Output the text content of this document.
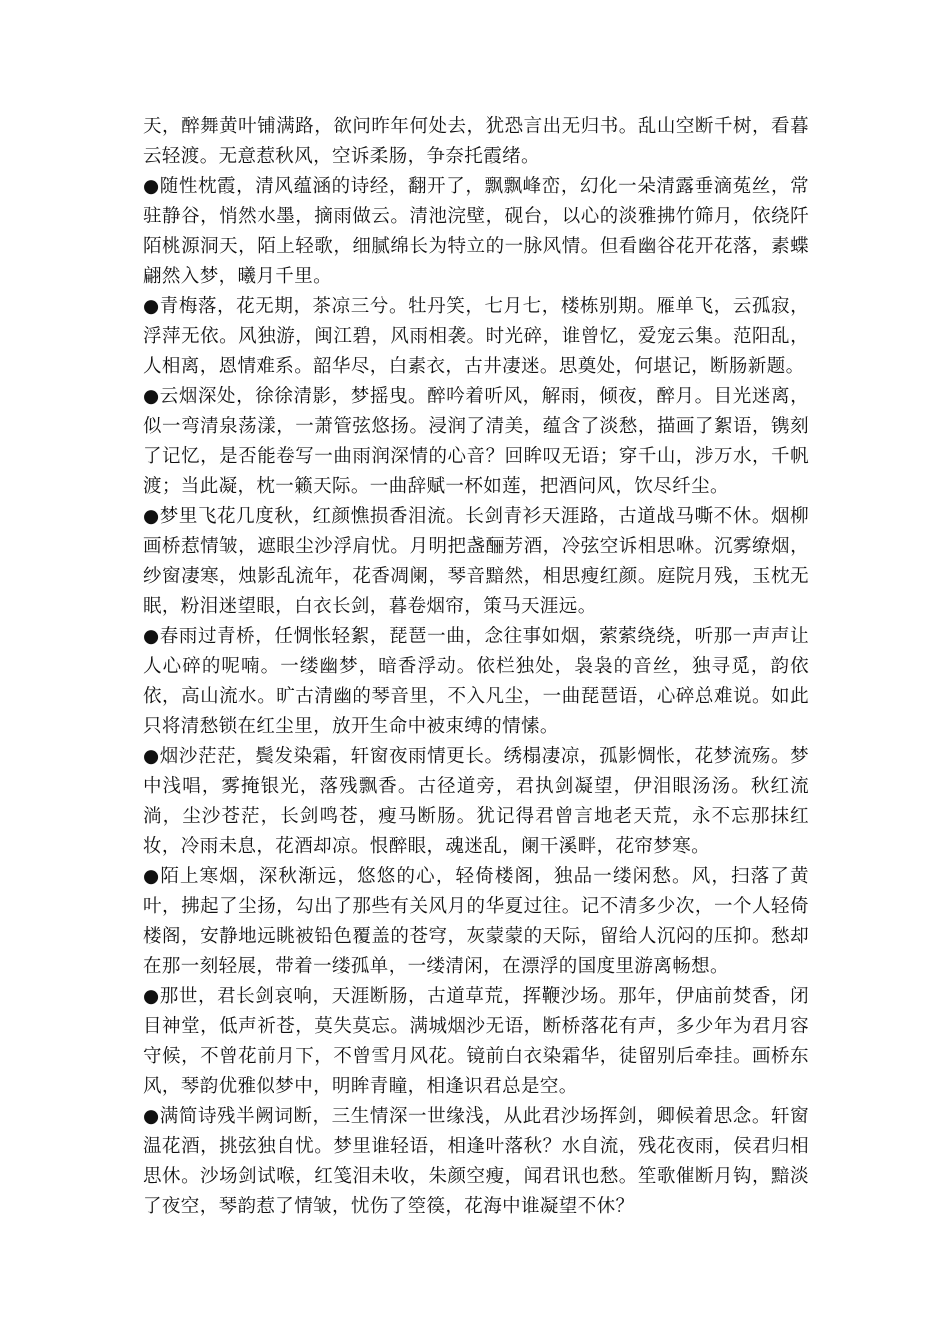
天，醉舞黄叶铺满路，欲问昨年何处去，犹恐言出无归书。乱山空断千树，看暮云轻渡。无意惹秋风，空诉柔肠，争奈托霞绪。

●随性枕霞，清风蕴涵的诗经，翻开了，飘飘峰峦，幻化一朵清露垂滴菟丝，常驻静谷，悄然水墨，摘雨做云。清池浣壁，砚台，以心的淡雅拂竹筛月，依绕阡陌桃源洞天，陌上轻歌，细腻绵长为特立的一脉风情。但看幽谷花开花落，素蝶翩然入梦，曦月千里。

●青梅落，花无期，茶凉三兮。牡丹笑，七月七，楼栋别期。雁单飞，云孤寂，浮萍无依。风独游，闽江碧，风雨相袭。时光碎，谁曾忆，爱宠云集。范阳乱，人相离，恩情难系。韶华尽，白素衣，古井凄迷。思奠处，何堪记，断肠新题。

●云烟深处，徐徐清影，梦摇曳。醉吟着听风，解雨，倾夜，醉月。目光迷离，似一弯清泉荡漾，一萧管弦悠扬。浸润了清美，蕴含了淡愁，描画了絮语，镌刻了记忆，是否能卷写一曲雨润深情的心音？回眸叹无语；穿千山，涉万水，千帆渡；当此凝，枕一籁天际。一曲辞赋一杯如莲，把酒问风，饮尽纤尘。

●梦里飞花几度秋，红颜憔损香泪流。长剑青衫天涯路，古道战马嘶不休。烟柳画桥惹情皱，遮眼尘沙浮肩忧。月明把盏酾芳酒，冷弦空诉相思咻。沉雾缭烟，纱窗凄寒，烛影乱流年，花香凋阑，琴音黯然，相思瘦红颜。庭院月残，玉枕无眠，粉泪迷望眼，白衣长剑，暮卷烟帘，策马天涯远。

●春雨过青桥，任惆怅轻絮，琵琶一曲，念往事如烟，萦萦绕绕，听那一声声让人心碎的呢喃。一缕幽梦，暗香浮动。依栏独处，袅袅的音丝，独寻觅，韵依依，高山流水。旷古清幽的琴音里，不入凡尘，一曲琵琶语，心碎总难说。如此只将清愁锁在红尘里，放开生命中被束缚的情愫。

●烟沙茫茫，鬓发染霜，轩窗夜雨情更长。绣榻凄凉，孤影惆怅，花梦流殇。梦中浅唱，雾掩银光，落残飘香。古径道旁，君执剑凝望，伊泪眼汤汤。秋红流淌，尘沙苍茫，长剑鸣苍，瘦马断肠。犹记得君曾言地老天荒，永不忘那抹红妆，冷雨未息，花酒却凉。恨醉眼，魂迷乱，阑干溪畔，花帘梦寒。

●陌上寒烟，深秋渐远，悠悠的心，轻倚楼阁，独品一缕闲愁。风，扫落了黄叶，拂起了尘扬，勾出了那些有关风月的华夏过往。记不清多少次，一个人轻倚楼阁，安静地远眺被铅色覆盖的苍穹，灰蒙蒙的天际，留给人沉闷的压抑。愁却在那一刻轻展，带着一缕孤单，一缕清闲，在漂浮的国度里游离畅想。

●那世，君长剑哀响，天涯断肠，古道草荒，挥鞭沙场。那年，伊庙前焚香，闭目神堂，低声祈苍，莫失莫忘。满城烟沙无语，断桥落花有声，多少年为君月容守候，不曾花前月下，不曾雪月风花。镜前白衣染霜华，徒留别后牵挂。画桥东风，琴韵优雅似梦中，明眸青瞳，相逢识君总是空。

●满简诗残半阙词断，三生情深一世缘浅，从此君沙场挥剑，卿候着思念。轩窗温花酒，挑弦独自忧。梦里谁轻语，相逢叶落秋？水自流，残花夜雨，侯君归相思休。沙场剑试喉，红笺泪未收，朱颜空瘦，闻君讯也愁。笙歌催断月钩，黯淡了夜空，琴韵惹了情皱，忧伤了箜篌，花海中谁凝望不休？
